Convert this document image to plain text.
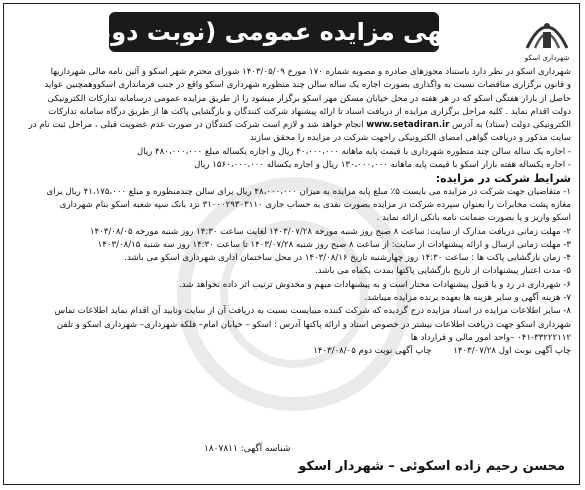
شهرداری اسکو
آگهی مزایده عمومی (نوبت دوم)

شهرداری اسکو در نظر دارد باستناد مجوزهای صادره و مصوبه شماره ۱۷۰ مورخ ۱۴۰۳/۰۵/۰۹ شورای محترم شهر اسکو و آئین نامه مالی شهرداریها

و قانون برگزاری مناقصات نسبت به واگذاری بصورت اجاره یک ساله سالن چند منظوره شهرداری اسکو واقع در جنب فرمانداری اسکووهمچنین عواید

حاصل از بازار هفتگی اسکو که در هر هفته در محل خیابان مسکن مهر اسکو برگزار میشود را از طریق مزایده عمومی درسامانه تدارکات الکترونیکی

دولت اقدام نماید . کلیه مراحل برگزاری مزایده از دریافت اسناد تا ارائه پیشنهاد شرکت کنندگان و بازگشایی پاکت ها از طریق درگاه سامانه تدارکات

الکترونیکی دولت (ستاد) به آدرس www.setadiran.ir انجام خواهد شد و لازم است شرکت کنندگان در صورت عدم عضویت قبلی ، مراحل ثبت نام در

سایت مذکور و دریافت گواهی امضای الکترونیکی راجهت شرکت در مزایده را محقق سازند

- اجاره یک ساله سالن چند منظوره شهرداری با قیمت پایه ماهانه ۴۰،۰۰۰،۰۰۰ ریال و اجاره یکساله مبلغ ۴۸۰،۰۰۰،۰۰۰ ریال

- اجاره یکساله هفته بازار اسکو با قیمت پایه ماهانه ۱۳۰،۰۰۰،۰۰۰ ریال و اجاره یکساله ۱۵۶۰،۰۰۰،۰۰۰ ریال

شرایط شرکت در مزایده:

۱- متقاضیان جهت شرکت در مزایده می بایست ۵٪ مبلغ پایه مزایده به میزان ۴۸،۰۰۰،۰۰۰ ریال برای سالن چندمنظوره و مبلغ ۴۱،۱۷۵،۰۰۰ ریال برای

مغازه پشت مخابرات را بعنوان سپرده شرکت در مزایده بصورت نقدی به حساب جاری ۳۱۰۰۰۲۹۳۰۳۱۱۰ نزد بانک سپه شعبه اسکو بنام شهرداری

اسکو واریز و یا بصورت ضمانت نامه بانکی ارائه نماید .

۲- مهلت زمانی دریافت مدارک از سایت: ساعت ۸ صبح روز شنبه مورخه ۱۴۰۳/۰۷/۲۸ لغایت ساعت ۱۴:۳۰ روز شنبه مورخه ۱۴۰۳/۰۸/۰۵

۳- مهلت زمانی ارسال و ارائه پیشنهادات از سایت: از ساعت ۸ صبح روز شنبه ۱۴۰۳/۰۷/۲۸ تا ساعت ۱۴:۳۰ روز سه شنبه ۱۴۰۳/۰۸/۱۵

۴- زمان بازگشایی پاکت ها : ساعت ۱۴:۳۰ روز چهارشنبه تاریخ ۱۴۰۳/۰۸/۱۶ در محل ساختمان اداری شهرداری اسکو می باشد.

۵- مدت اعتبار پیشنهادات از تاریخ بازگشایی پاکتها بمدت یکماه می باشد.

۶- شهرداری در رد و یا قبول پیشنهادات مختار است و به پیشنهادات مبهم و مخدوش ترتیب اثر داده نخواهد شد.

۷- هزینه آگهی و سایر هزینه ها بعهده برنده مزایده میباشد.

۸- سایر اطلاعات مزایده در اسناد مزایده درج گردیده که شرکت کننده میبایست نسبت به دریافت آن از سایت وتایید آن اقدام نماید اطلاعات تماس

شهرداری اسکو جهت دریافت اطلاعات بیشتر در خصوص اسناد و ارائه پاکتها آدرس : اسکو – خیابان امام– فلکه شهرداری– شهرداری اسکو و تلفن

۰۴۱-۳۳۲۲۲۱۱۲ –واحد امور مالی و قرارداد ها

چاپ آگهی نوبت اول ۱۴۰۳/۰۷/۲۸        چاپ آگهی نوبت دوم ۱۴۰۳/۰۸/۰۵

شناسه آگهی: ۱۸۰۷۸۱۱
محسن رحیم زاده اسکوئی – شهردار اسکو
